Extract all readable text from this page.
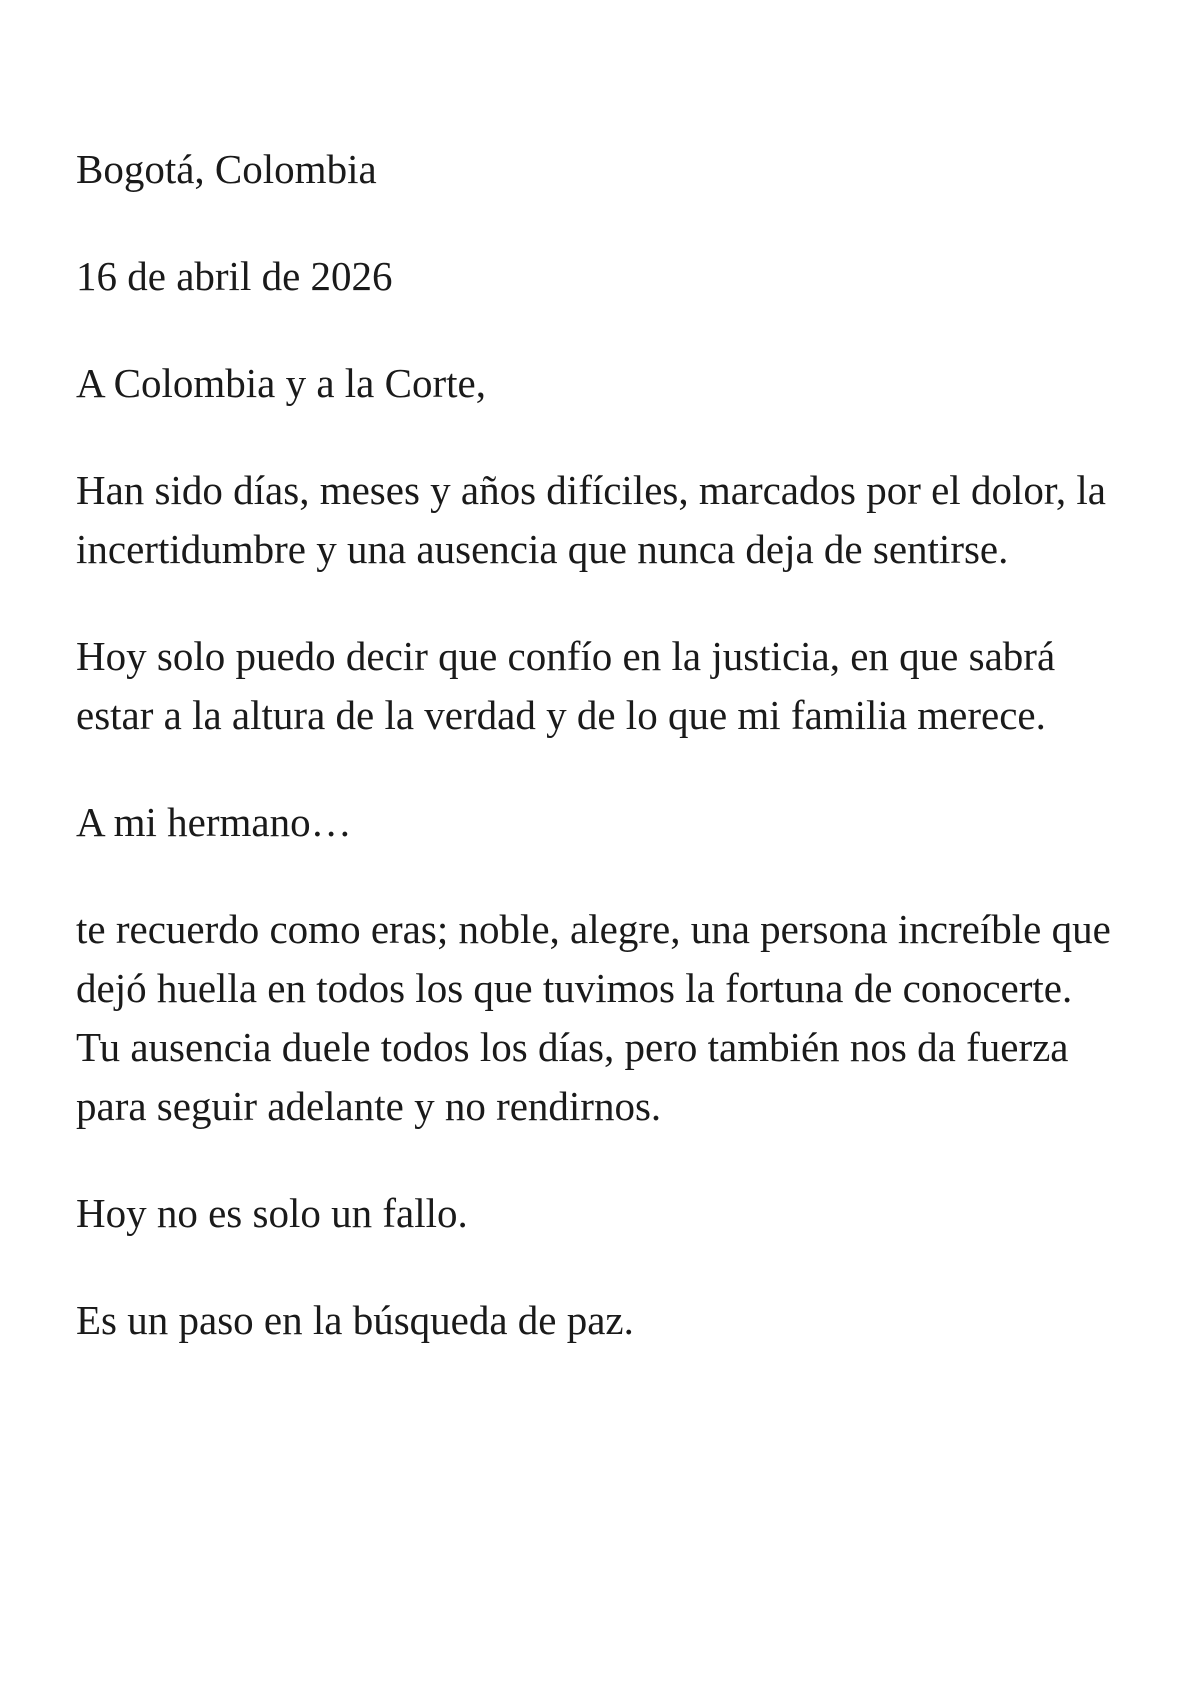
Bogotá, Colombia

16 de abril de 2026

A Colombia y a la Corte,

Han sido días, meses y años difíciles, marcados por el dolor, la incertidumbre y una ausencia que nunca deja de sentirse.

Hoy solo puedo decir que confío en la justicia, en que sabrá estar a la altura de la verdad y de lo que mi familia merece.

A mi hermano…

te recuerdo como eras; noble, alegre, una persona increíble que dejó huella en todos los que tuvimos la fortuna de conocerte. Tu ausencia duele todos los días, pero también nos da fuerza para seguir adelante y no rendirnos.

Hoy no es solo un fallo.

Es un paso en la búsqueda de paz.
